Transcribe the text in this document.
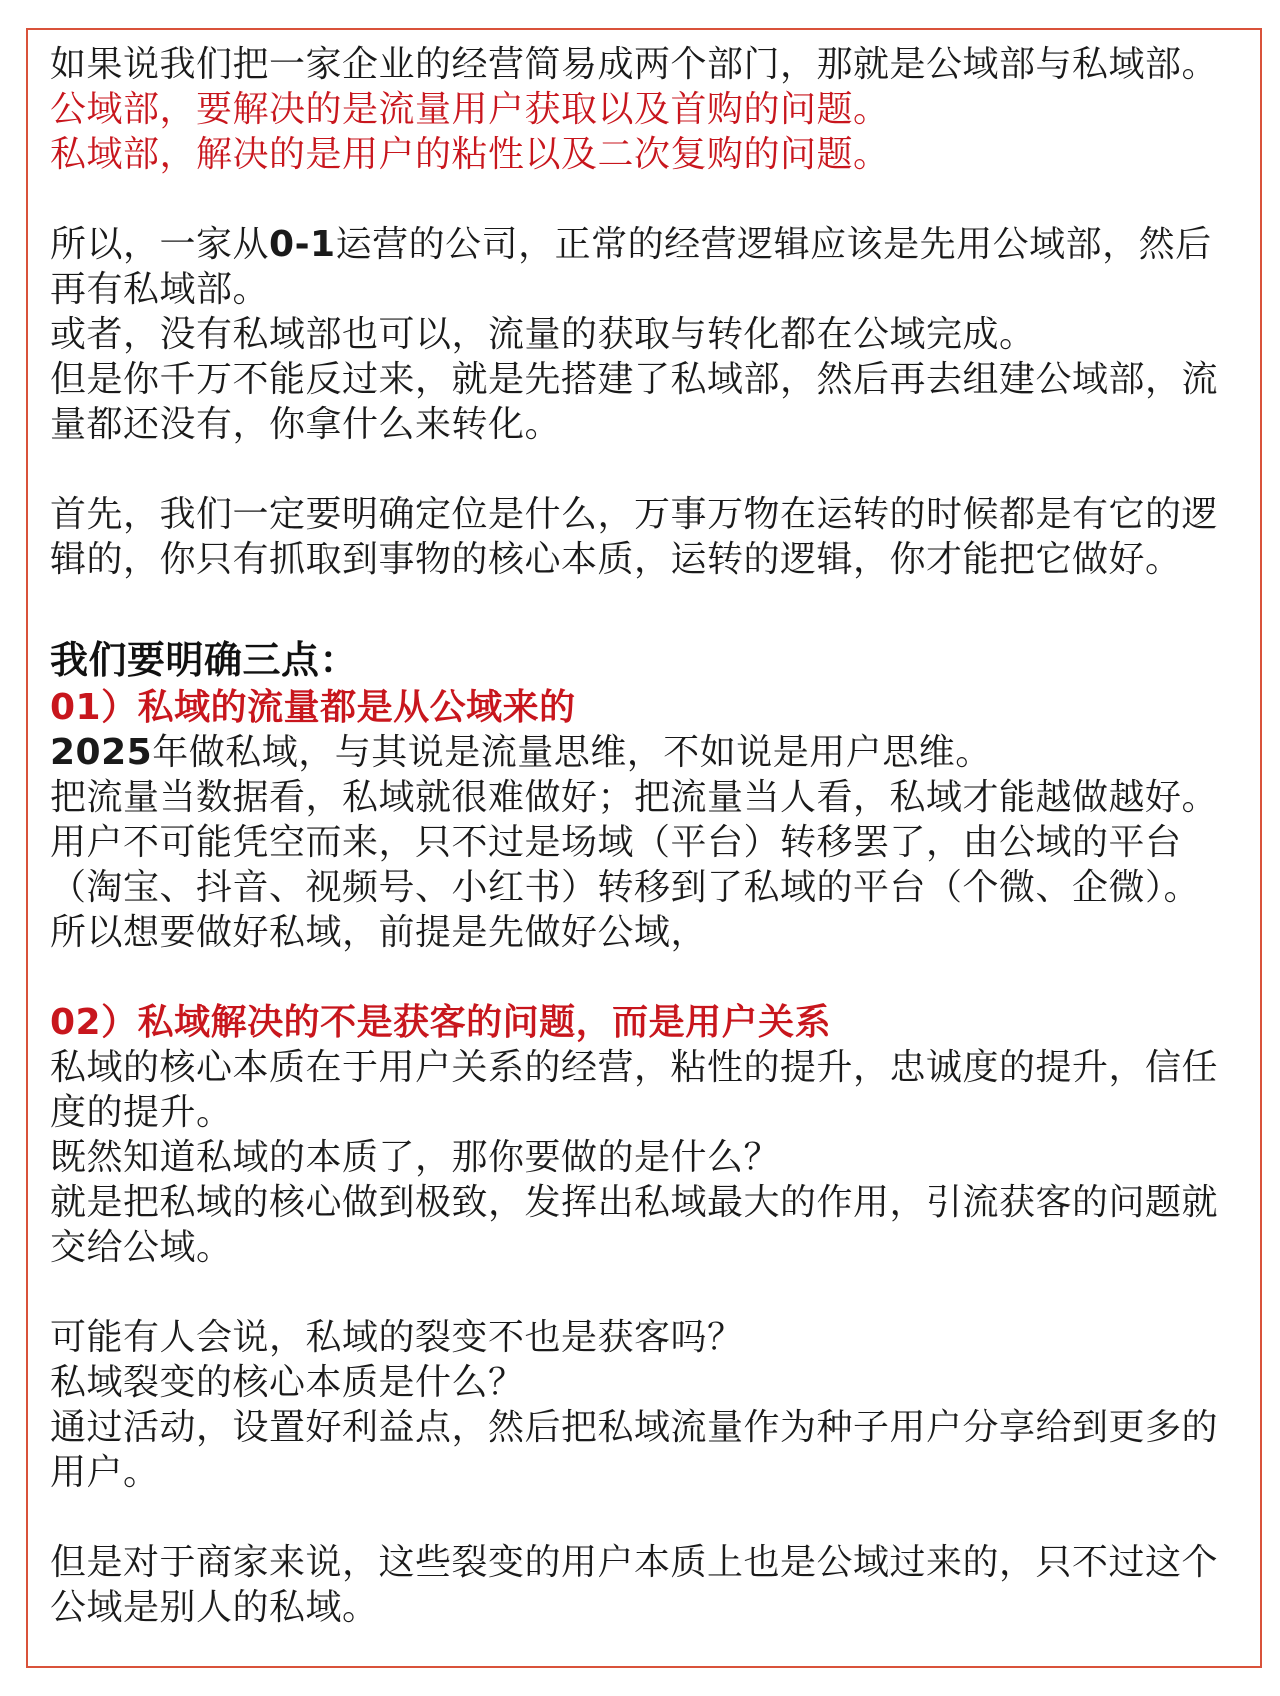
如果说我们把一家企业的经营简易成两个部门，那就是公域部与私域部。
公域部，要解决的是流量用户获取以及首购的问题。
私域部，解决的是用户的粘性以及二次复购的问题。
所以，一家从0-1运营的公司，正常的经营逻辑应该是先用公域部，然后
再有私域部。
或者，没有私域部也可以，流量的获取与转化都在公域完成。
但是你千万不能反过来，就是先搭建了私域部，然后再去组建公域部，流
量都还没有，你拿什么来转化。
首先，我们一定要明确定位是什么，万事万物在运转的时候都是有它的逻
辑的，你只有抓取到事物的核心本质，运转的逻辑，你才能把它做好。
我们要明确三点：
01）私域的流量都是从公域来的
2025年做私域，与其说是流量思维，不如说是用户思维。
把流量当数据看，私域就很难做好；把流量当人看，私域才能越做越好。
用户不可能凭空而来，只不过是场域（平台）转移罢了，由公域的平台
（淘宝、抖音、视频号、小红书）转移到了私域的平台（个微、企微）。
所以想要做好私域，前提是先做好公域，
02）私域解决的不是获客的问题，而是用户关系
私域的核心本质在于用户关系的经营，粘性的提升，忠诚度的提升，信任
度的提升。
既然知道私域的本质了，那你要做的是什么？
就是把私域的核心做到极致，发挥出私域最大的作用，引流获客的问题就
交给公域。
可能有人会说，私域的裂变不也是获客吗？
私域裂变的核心本质是什么？
通过活动，设置好利益点，然后把私域流量作为种子用户分享给到更多的
用户。
但是对于商家来说，这些裂变的用户本质上也是公域过来的，只不过这个
公域是别人的私域。
